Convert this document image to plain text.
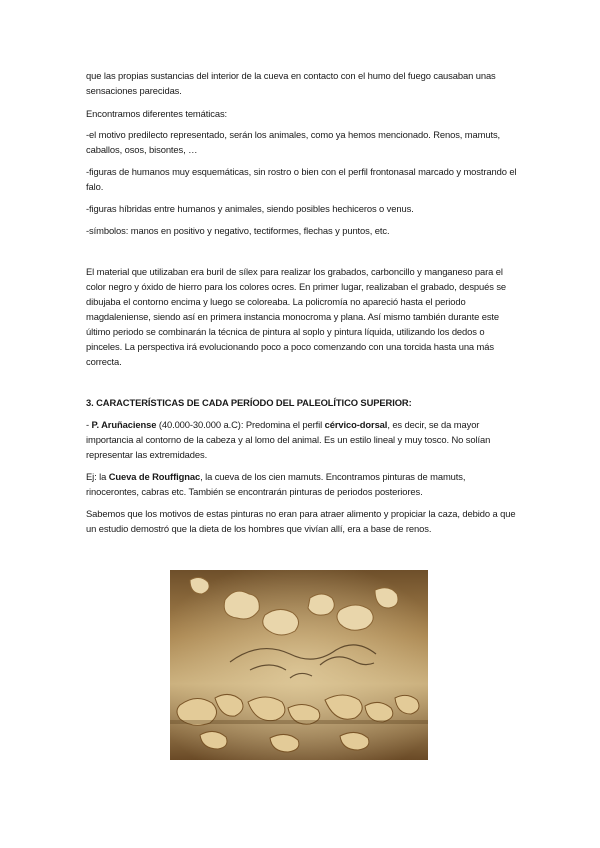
que las propias sustancias del interior de la cueva en contacto con el humo del fuego causaban unas sensaciones parecidas.

Encontramos diferentes temáticas:

-el motivo predilecto representado, serán los animales, como ya hemos mencionado. Renos, mamuts, caballos, osos, bisontes, …

-figuras de humanos muy esquemáticas, sin rostro o bien con el perfil frontonasal marcado y mostrando el falo.

-figuras híbridas entre humanos y animales, siendo posibles hechiceros o venus.

-símbolos: manos en positivo y negativo, tectiformes, flechas y puntos, etc.

El material que utilizaban era buril de sílex para realizar los grabados, carboncillo y manganeso para el color negro y óxido de hierro para los colores ocres. En primer lugar, realizaban el grabado, después se dibujaba el contorno encima y luego se coloreaba. La policromía no apareció hasta el periodo magdaleniense, siendo así en primera instancia monocroma y plana. Así mismo también durante este último periodo se combinarán la técnica de pintura al soplo y pintura líquida, utilizando los dedos o pinceles. La perspectiva irá evolucionando poco a poco comenzando con una torcida hasta una más correcta.

3. CARACTERÍSTICAS DE CADA PERÍODO DEL PALEOLÍTICO SUPERIOR:

- P. Aruñaciense (40.000-30.000 a.C): Predomina el perfil cérvico-dorsal, es decir, se da mayor importancia al contorno de la cabeza y al lomo del animal. Es un estilo lineal y muy tosco. No solían representar las extremidades.

Ej: la Cueva de Rouffignac, la cueva de los cien mamuts. Encontramos pinturas de mamuts, rinocerontes, cabras etc. También se encontrarán pinturas de periodos posteriores.

Sabemos que los motivos de estas pinturas no eran para atraer alimento y propiciar la caza, debido a que un estudio demostró que la dieta de los hombres que vivían allí, era a base de renos.
